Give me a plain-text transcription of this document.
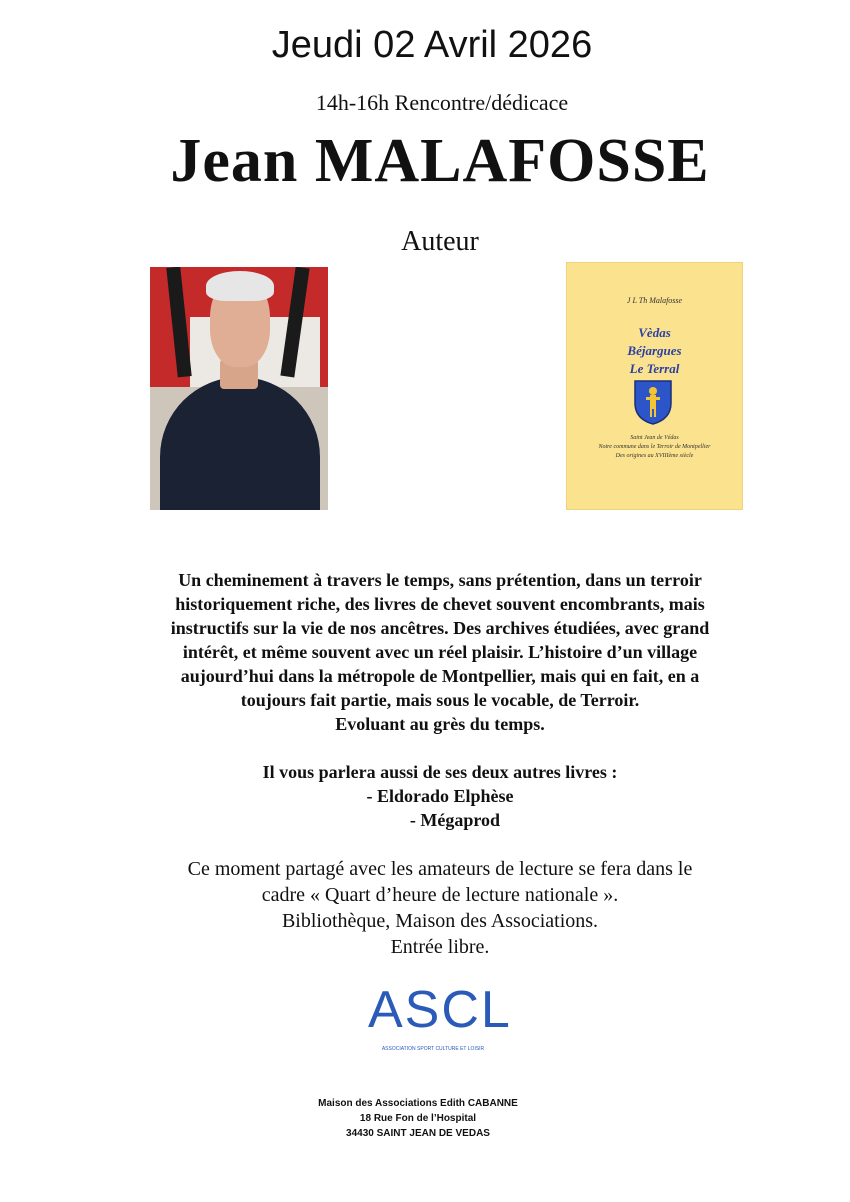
Jeudi 02 Avril 2026
14h-16h Rencontre/dédicace
Jean MALAFOSSE
Auteur
J L Th Malafosse
Vèdas
Béjargues
Le Terral
Saint Jean de Védas
Notre commune dans le Terroir de Montpellier
Des origines au XVIIIème siècle
Un cheminement à travers le temps, sans prétention, dans un terroir
historiquement riche, des livres de chevet souvent encombrants, mais
instructifs sur la vie de nos ancêtres. Des archives étudiées, avec grand
intérêt, et même souvent avec un réel plaisir. L’histoire d’un village
aujourd’hui dans la métropole de Montpellier, mais qui en fait, en a
toujours fait partie, mais sous le vocable, de Terroir.
Evoluant au grès du temps.
Il vous parlera aussi de ses deux autres livres :
- Eldorado Elphèse
- Mégaprod
Ce moment partagé avec les amateurs de lecture se fera dans le
cadre « Quart d’heure de lecture nationale ».
Bibliothèque, Maison des Associations.
Entrée libre.
ASCL
ASSOCIATION SPORT CULTURE ET LOISIR
Maison des Associations Edith CABANNE
18 Rue Fon de l’Hospital
34430 SAINT JEAN DE VEDAS
